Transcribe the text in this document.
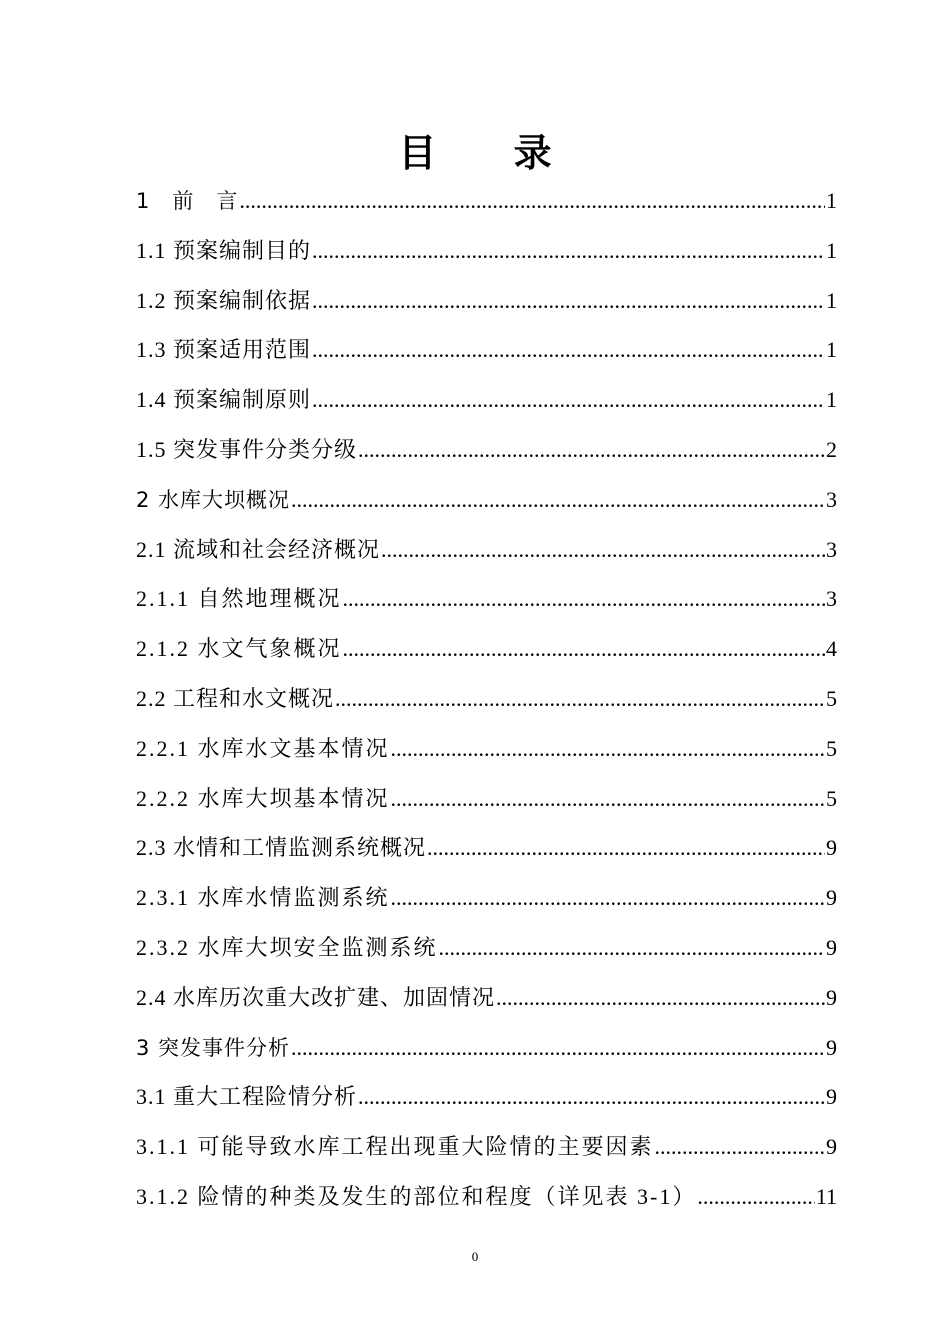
目 录
1　前　言 .....	1
1.1 预案编制目的 .....	1
1.2 预案编制依据 .....	1
1.3 预案适用范围 .....	1
1.4 预案编制原则 .....	1
1.5 突发事件分类分级 .....	2
2 水库大坝概况 .....	3
2.1 流域和社会经济概况 .....	3
2.1.1 自然地理概况 .....	3
2.1.2 水文气象概况 .....	4
2.2 工程和水文概况 .....	5
2.2.1 水库水文基本情况 .....	5
2.2.2 水库大坝基本情况 .....	5
2.3 水情和工情监测系统概况 .....	9
2.3.1 水库水情监测系统 .....	9
2.3.2 水库大坝安全监测系统 .....	9
2.4 水库历次重大改扩建、加固情况 .....	9
3 突发事件分析 .....	9
3.1 重大工程险情分析 .....	9
3.1.1 可能导致水库工程出现重大险情的主要因素 .....	9
3.1.2 险情的种类及发生的部位和程度（详见表 3-1） .....	11
0
